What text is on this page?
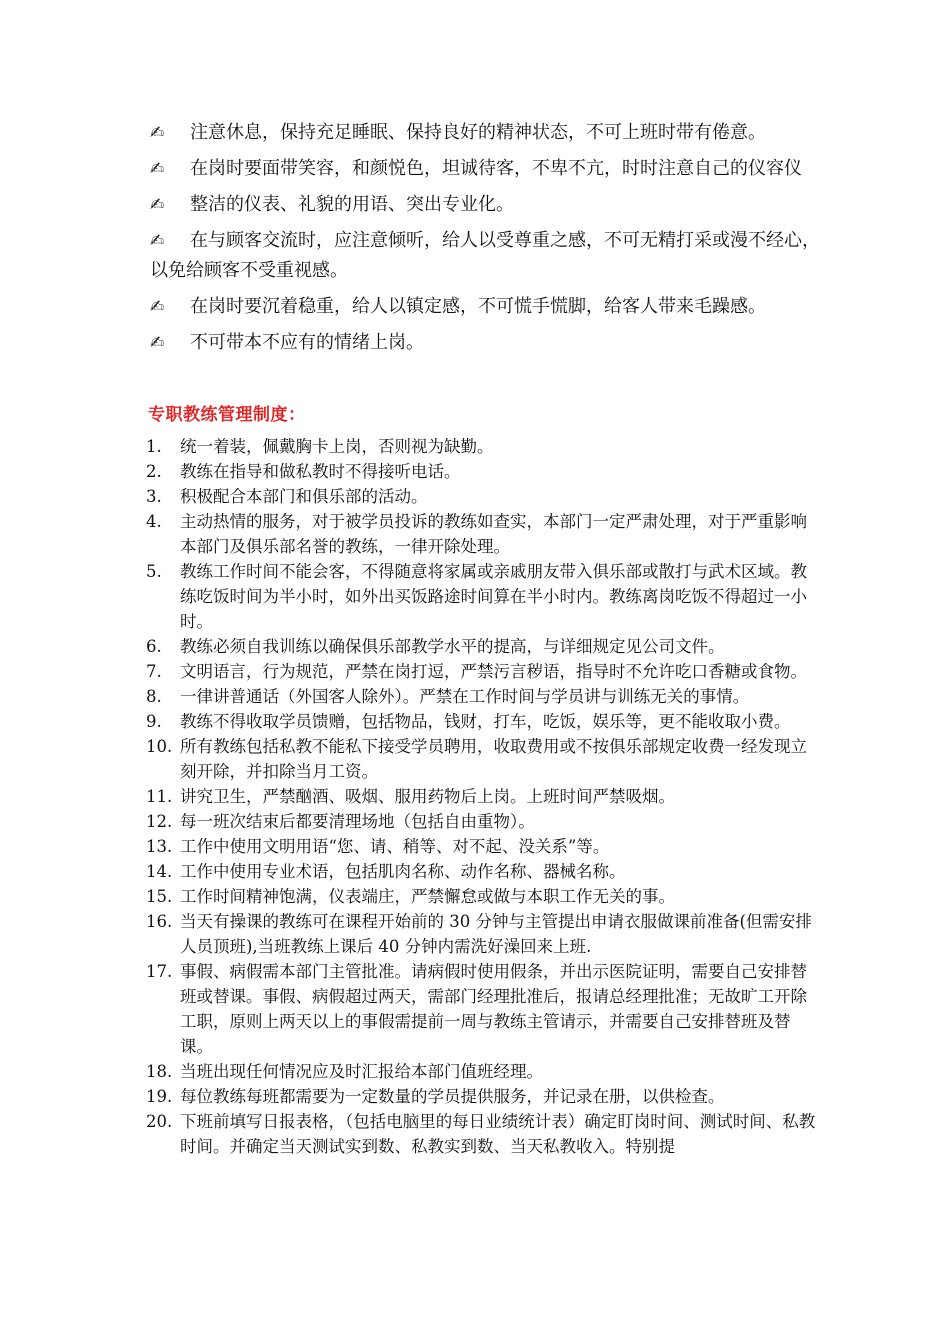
✍ 注意休息，保持充足睡眠、保持良好的精神状态，不可上班时带有倦意。
✍ 在岗时要面带笑容，和颜悦色，坦诚待客，不卑不亢，时时注意自己的仪容仪
✍ 整洁的仪表、礼貌的用语、突出专业化。
✍ 在与顾客交流时，应注意倾听，给人以受尊重之感，不可无精打采或漫不经心，以免给顾客不受重视感。
✍ 在岗时要沉着稳重，给人以镇定感，不可慌手慌脚，给客人带来毛躁感。
✍ 不可带本不应有的情绪上岗。
专职教练管理制度：
1.	统一着装，佩戴胸卡上岗，否则视为缺勤。
2.	教练在指导和做私教时不得接听电话。
3.	积极配合本部门和俱乐部的活动。
4.	主动热情的服务，对于被学员投诉的教练如查实，本部门一定严肃处理，对于严重影响本部门及俱乐部名誉的教练，一律开除处理。
5.	教练工作时间不能会客，不得随意将家属或亲戚朋友带入俱乐部或散打与武术区域。教练吃饭时间为半小时，如外出买饭路途时间算在半小时内。教练离岗吃饭不得超过一小时。
6.	教练必须自我训练以确保俱乐部教学水平的提高，与详细规定见公司文件。
7.	文明语言，行为规范，严禁在岗打逗，严禁污言秽语，指导时不允许吃口香糖或食物。
8.	一律讲普通话（外国客人除外）。严禁在工作时间与学员讲与训练无关的事情。
9.	教练不得收取学员馈赠，包括物品，钱财，打车，吃饭，娱乐等，更不能收取小费。
10. 所有教练包括私教不能私下接受学员聘用，收取费用或不按俱乐部规定收费一经发现立刻开除，并扣除当月工资。
11. 讲究卫生，严禁酗酒、吸烟、服用药物后上岗。上班时间严禁吸烟。
12. 每一班次结束后都要清理场地（包括自由重物）。
13. 工作中使用文明用语“您、请、稍等、对不起、没关系”等。
14. 工作中使用专业术语，包括肌肉名称、动作名称、器械名称。
15. 工作时间精神饱满，仪表端庄，严禁懈怠或做与本职工作无关的事。
16. 当天有操课的教练可在课程开始前的 30 分钟与主管提出申请衣服做课前准备(但需安排人员顶班),当班教练上课后 40 分钟内需洗好澡回来上班.
17. 事假、病假需本部门主管批准。请病假时使用假条，并出示医院证明，需要自己安排替班或替课。事假、病假超过两天，需部门经理批准后，报请总经理批准；无故旷工开除工职，原则上两天以上的事假需提前一周与教练主管请示，并需要自己安排替班及替课。
18. 当班出现任何情况应及时汇报给本部门值班经理。
19. 每位教练每班都需要为一定数量的学员提供服务，并记录在册，以供检查。
20. 下班前填写日报表格，（包括电脑里的每日业绩统计表）确定盯岗时间、测试时间、私教时间。并确定当天测试实到数、私教实到数、当天私教收入。特别提
